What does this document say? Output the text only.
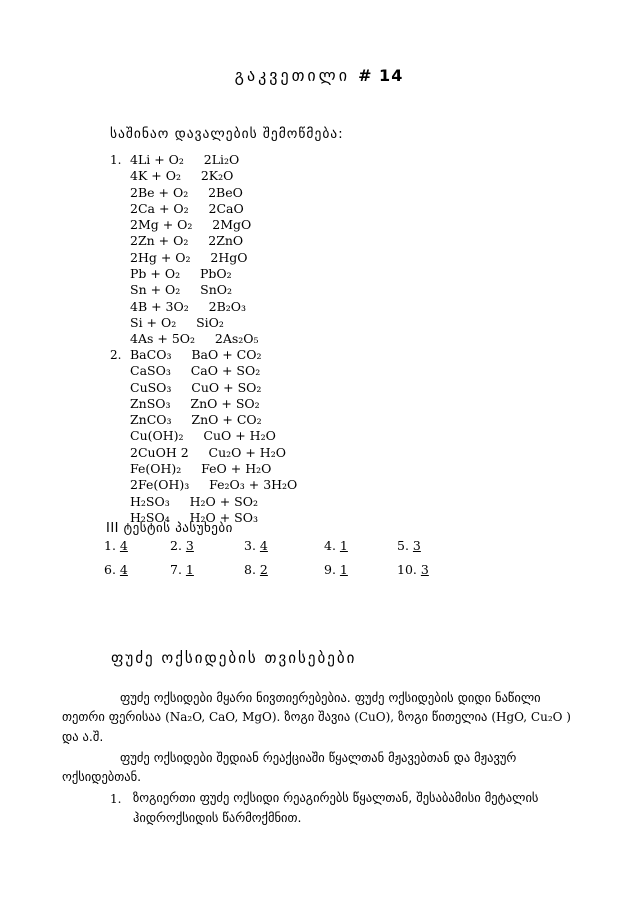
გაკვეთილი # 14
საშინაო დავალების შემოწმება:
1. 4Li + O₂     2Li₂O
4K + O₂     2K₂O
2Be + O₂     2BeO
2Ca + O₂     2CaO
2Mg + O₂     2MgO
2Zn + O₂     2ZnO
2Hg + O₂     2HgO
Pb + O₂     PbO₂
Sn + O₂     SnO₂
4B + 3O₂     2B₂O₃
Si + O₂     SiO₂
4As + 5O₂     2As₂O₅
2. BaCO₃     BaO + CO₂
CaSO₃     CaO + SO₂
CuSO₃     CuO + SO₂
ZnSO₃     ZnO + SO₂
ZnCO₃     ZnO + CO₂
Cu(OH)₂     CuO + H₂O
2CuOH 2     Cu₂O + H₂O
Fe(OH)₂     FeO + H₂O
2Fe(OH)₃     Fe₂O₃ + 3H₂O
H₂SO₃     H₂O + SO₂
H₂SO₄     H₂O + SO₃
III ტესტის პასუხები
1. 4	2. 3	3. 4	4. 1	5. 3
6. 4	7. 1	8. 2	9. 1	10. 3
ფუძე ოქსიდების თვისებები
ფუძე ოქსიდები მყარი ნივთიერებებია. ფუძე ოქსიდების დიდი ნაწილი
თეთრი ფერისაა (Na₂O, CaO, MgO). ზოგი შავია (CuO), ზოგი წითელია (HgO, Cu₂O )
და ა.შ.
ფუძე ოქსიდები შედიან რეაქციაში წყალთან მჟავებთან და მჟავურ
ოქსიდებთან.
1. ზოგიერთი ფუძე ოქსიდი რეაგირებს წყალთან, შესაბამისი მეტალის
ჰიდროქსიდის წარმოქმნით.
